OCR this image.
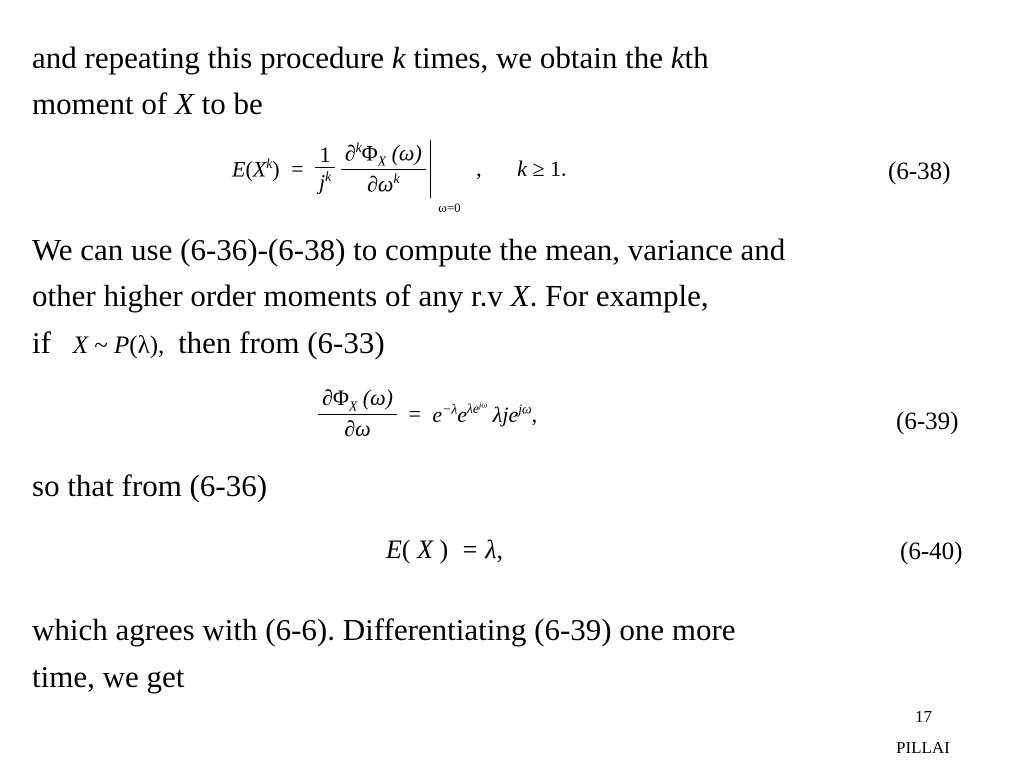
and repeating this procedure k times, we obtain the kth
moment of X to be
$E(X^k) = \frac{1}{j^k}$
$\frac{\partial^k\Phi_X (\omega)}{\partial\omega^k}$
ω=0 , k ≥ 1.	(6-38)
We can use (6-36)-(6-38) to compute the mean, variance and
other higher order moments of any r.v X. For example,
if X ~ P(λ), then from (6-33)
$\frac{\partial\Phi_X (\omega)}{\partial\omega} = e^{-\lambda}e^{\lambda e^{j\omega}}$ λje$^{j\omega}$,	(6-39)
so that from (6-36)
E( X ) = λ,	(6-40)
which agrees with (6-6). Differentiating (6-39) one more
time, we get
17
PILLAI
